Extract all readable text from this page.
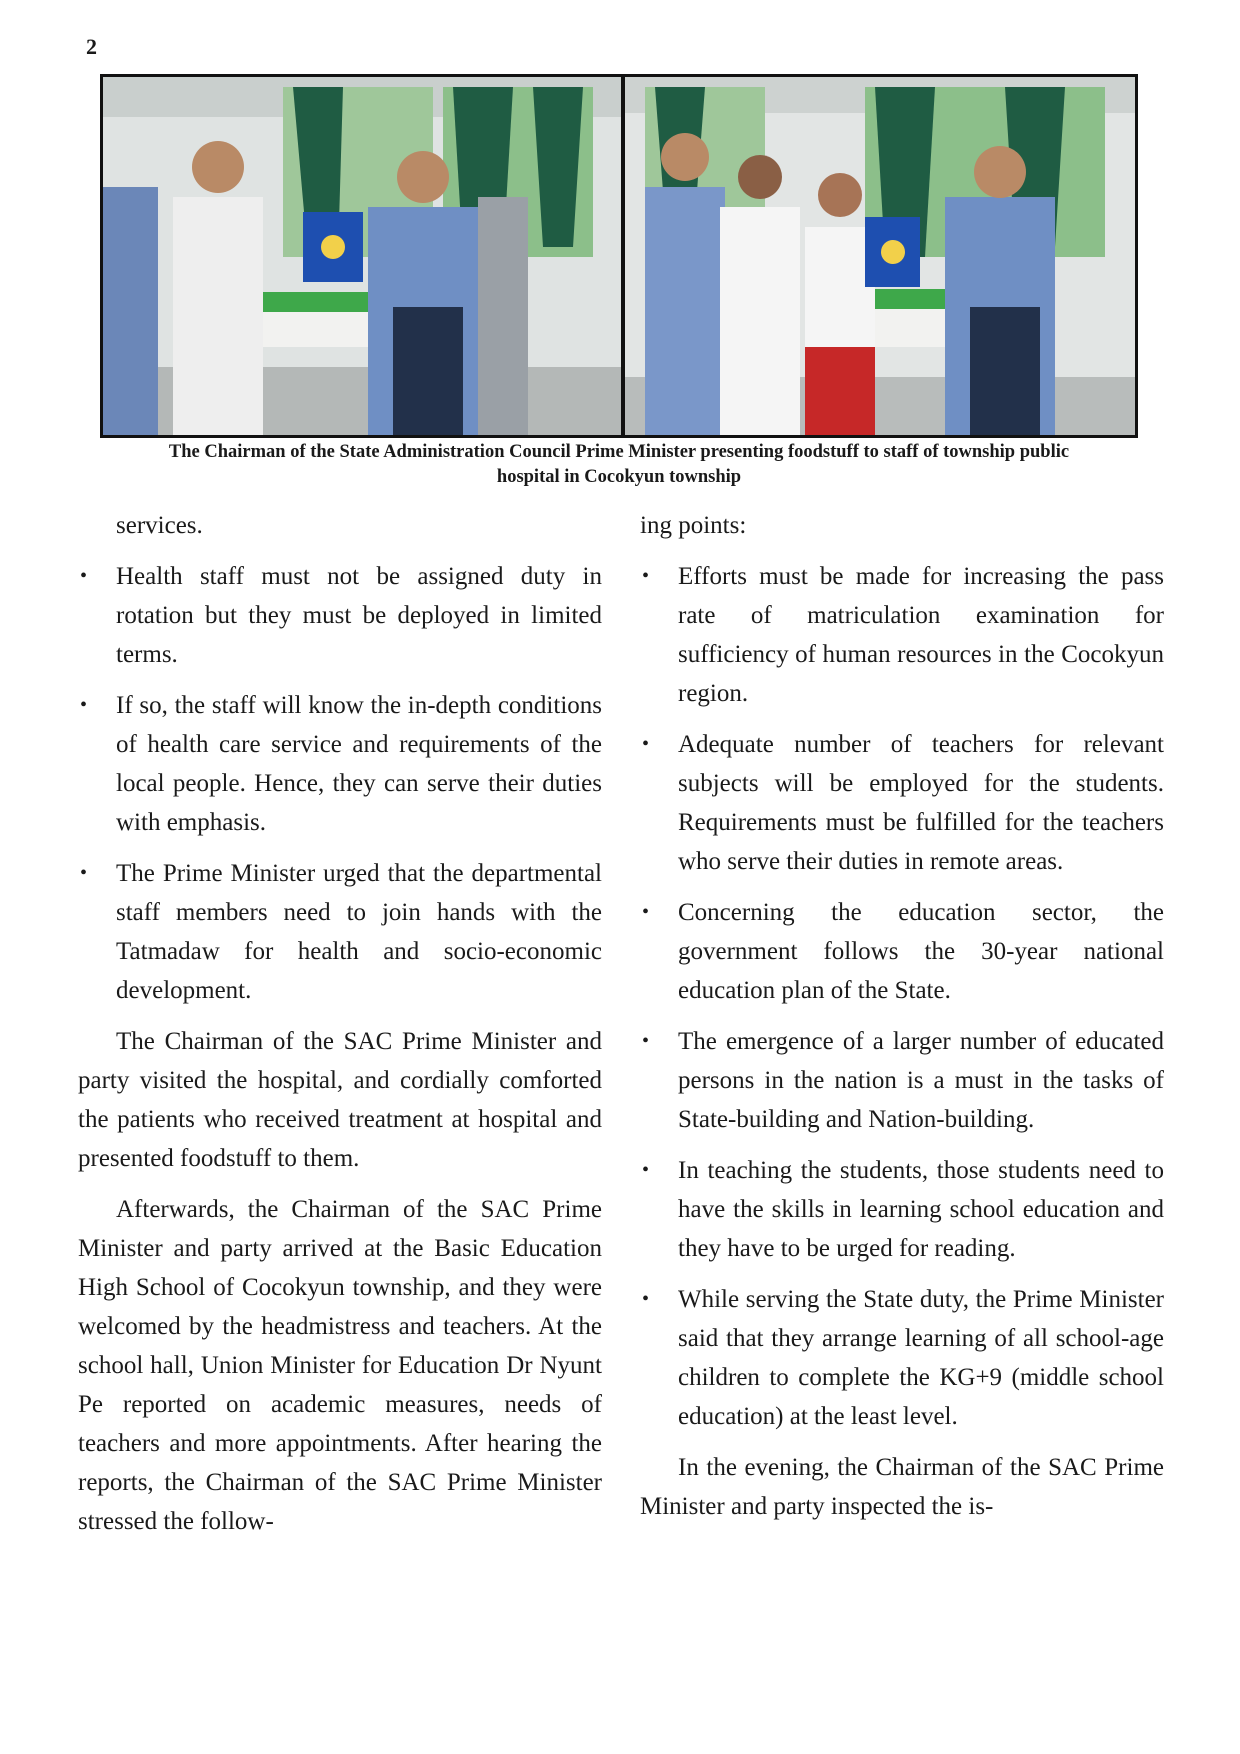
2
The Chairman of the State Administration Council Prime Minister presenting foodstuff to staff of township public
hospital in Cocokyun township

services.

• Health staff must not be assigned duty in rotation but they must be deployed in limited terms.
• If so, the staff will know the in-depth conditions of health care service and requirements of the local people. Hence, they can serve their duties with emphasis.
• The Prime Minister urged that the departmental staff members need to join hands with the Tatmadaw for health and socio-economic development.

The Chairman of the SAC Prime Minister and party visited the hospital, and cordially comforted the patients who received treatment at hospital and presented foodstuff to them.

Afterwards, the Chairman of the SAC Prime Minister and party arrived at the Basic Education High School of Cocokyun township, and they were welcomed by the headmistress and teachers. At the school hall, Union Minister for Education Dr Nyunt Pe reported on academic measures, needs of teachers and more appointments. After hearing the reports, the Chairman of the SAC Prime Minister stressed the follow-

ing points:

• Efforts must be made for increasing the pass rate of matriculation examination for sufficiency of human resources in the Cocokyun region.
• Adequate number of teachers for relevant subjects will be employed for the students. Requirements must be fulfilled for the teachers who serve their duties in remote areas.
• Concerning the education sector, the government follows the 30-year national education plan of the State.
• The emergence of a larger number of educated persons in the nation is a must in the tasks of State-building and Nation-building.
• In teaching the students, those students need to have the skills in learning school education and they have to be urged for reading.
• While serving the State duty, the Prime Minister said that they arrange learning of all school-age children to complete the KG+9 (middle school education) at the least level.

In the evening, the Chairman of the SAC Prime Minister and party inspected the is-
